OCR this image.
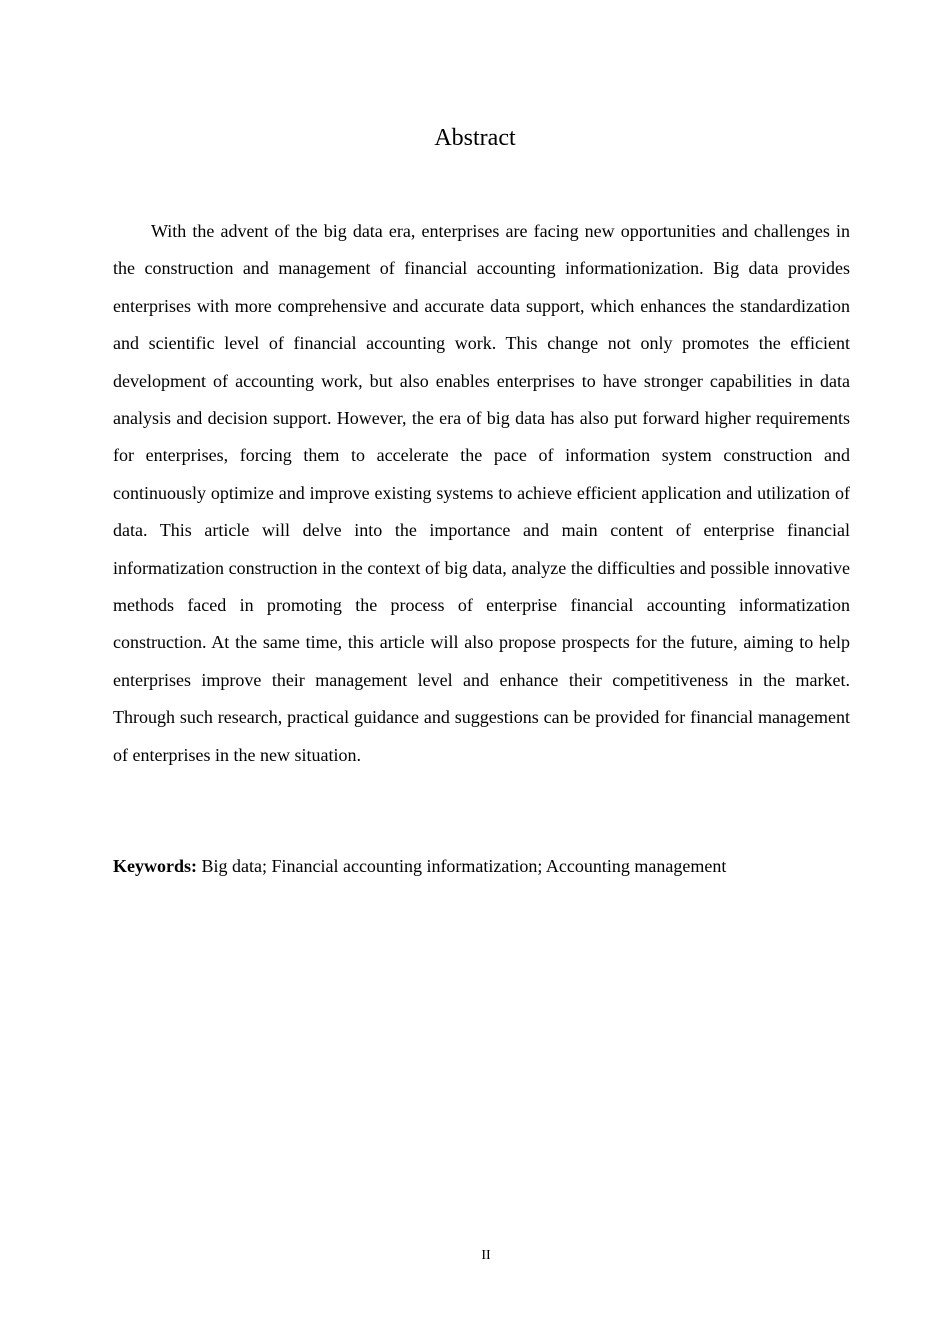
Abstract

With the advent of the big data era, enterprises are facing new opportunities and challenges in the construction and management of financial accounting informationization. Big data provides enterprises with more comprehensive and accurate data support, which enhances the standardization and scientific level of financial accounting work. This change not only promotes the efficient development of accounting work, but also enables enterprises to have stronger capabilities in data analysis and decision support. However, the era of big data has also put forward higher requirements for enterprises, forcing them to accelerate the pace of information system construction and continuously optimize and improve existing systems to achieve efficient application and utilization of data. This article will delve into the importance and main content of enterprise financial informatization construction in the context of big data, analyze the difficulties and possible innovative methods faced in promoting the process of enterprise financial accounting informatization construction. At the same time, this article will also propose prospects for the future, aiming to help enterprises improve their management level and enhance their competitiveness in the market. Through such research, practical guidance and suggestions can be provided for financial management of enterprises in the new situation.

Keywords: Big data; Financial accounting informatization; Accounting management

II
